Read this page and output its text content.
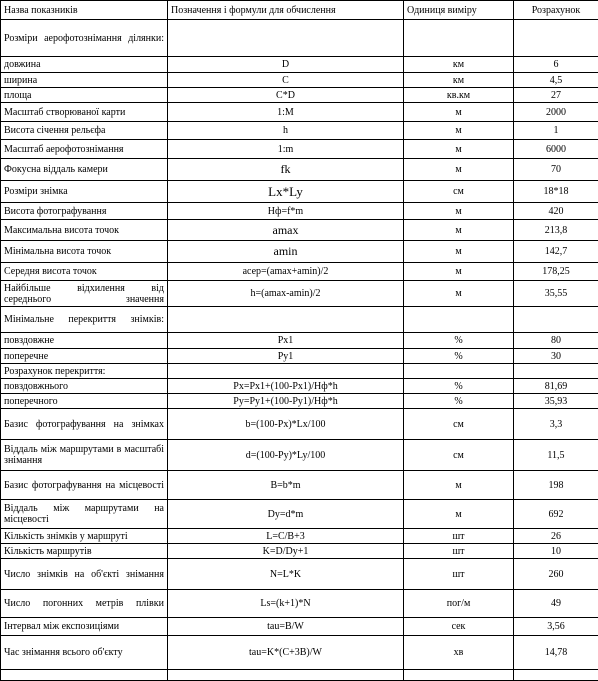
Назва показників	Позначення і формули для обчислення	Одиниця виміру	Розрахунок
Розміри аерофотознімання ділянки:			
довжина	D	км	6
ширина	C	км	4,5
площа	C*D	кв.км	27
Масштаб створюваної карти	1:M	м	2000
Висота січення рельєфа	h	м	1
Масштаб аерофотознімання	1:m	м	6000
Фокусна віддаль камери	fk	м	70
Розміри знімка	Lx*Ly	см	18*18
Висота фотографування	Hф=f*m	м	420
Максимальна висота точок	amax	м	213,8
Мінімальна висота точок	amin	м	142,7
Середня висота точок	aсер=(amax+amin)/2	м	178,25
Найбільше відхилення від середнього значення	h=(amax-amin)/2	м	35,55
Мінімальне перекриття знімків:			
повздовжне	Px1	%	80
поперечне	Py1	%	30
Розрахунок перекриття:			
повздовжнього	Px=Px1+(100-Px1)/Hф*h	%	81,69
поперечного	Py=Py1+(100-Py1)/Hф*h	%	35,93
Базис фотографування на знімках	b=(100-Px)*Lx/100	см	3,3
Віддаль між маршрутами в масштабі знімання	d=(100-Py)*Ly/100	см	11,5
Базис фотографування на місцевості	B=b*m	м	198
Віддаль між маршрутами на місцевості	Dy=d*m	м	692
Кількість знімків у маршруті	L=C/B+3	шт	26
Кількість маршрутів	K=D/Dy+1	шт	10
Число знімків на об'єкті знімання	N=L*K	шт	260
Число погонних метрів плівки	Ls=(k+1)*N	пог/м	49
Інтервал між експозиціями	tau=B/W	сек	3,56
Час знімання всього об'єкту	tau=K*(C+3B)/W	хв	14,78
